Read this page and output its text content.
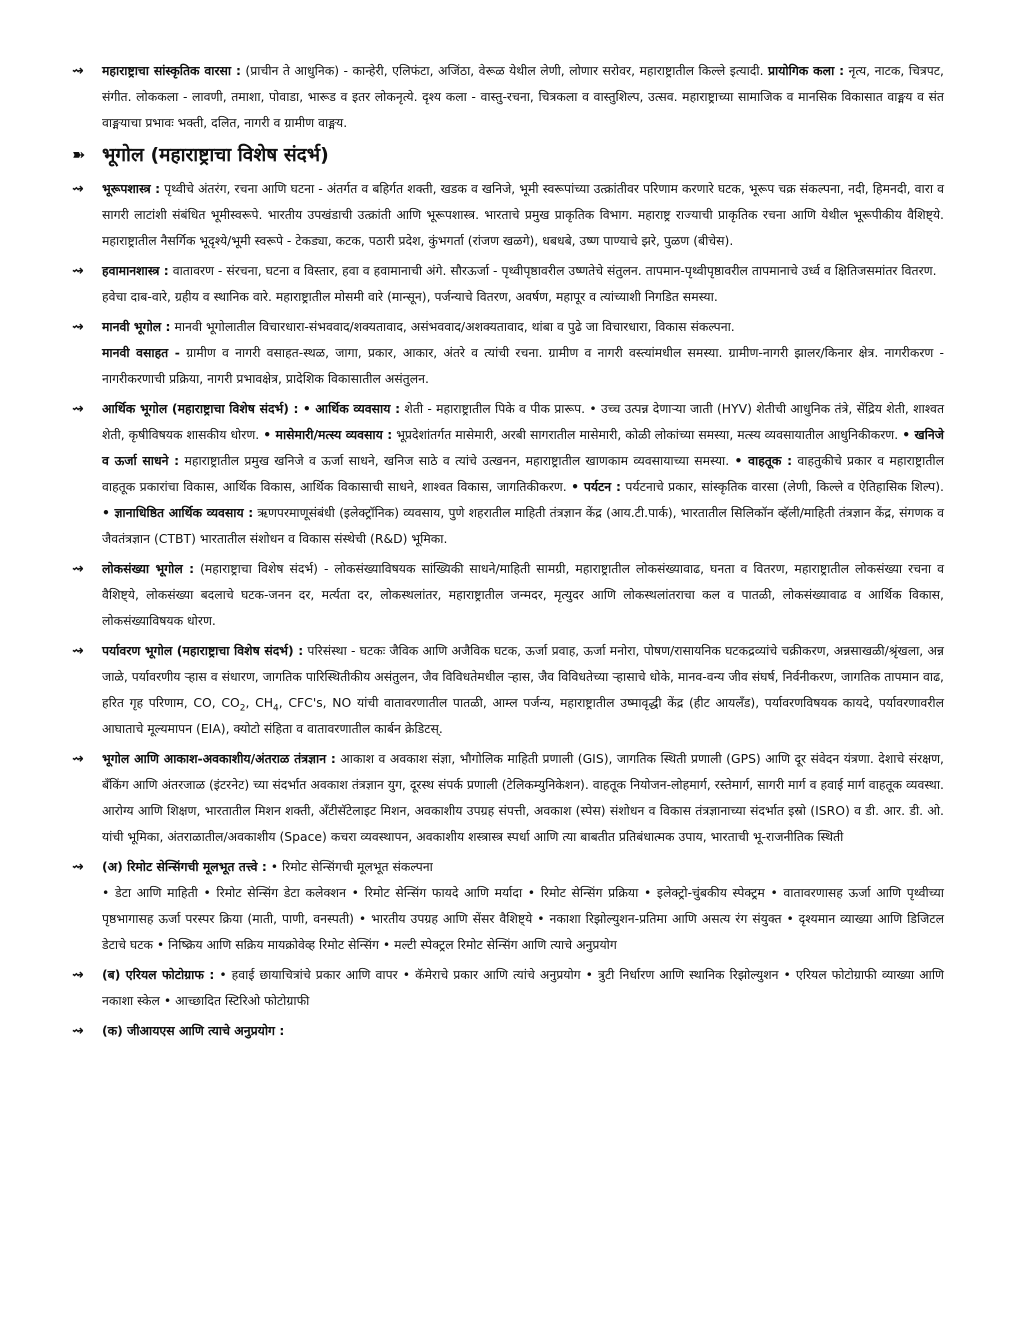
⇝ महाराष्ट्राचा सांस्कृतिक वारसा : (प्राचीन ते आधुनिक) - कान्हेरी, एलिफंटा, अजिंठा, वेरूळ येथील लेणी, लोणार सरोवर, महाराष्ट्रातील किल्ले इत्यादी. प्रायोगिक कला : नृत्य, नाटक, चित्रपट, संगीत. लोककला - लावणी, तमाशा, पोवाडा, भारूड व इतर लोकनृत्ये. दृश्य कला - वास्तु-रचना, चित्रकला व वास्तुशिल्प, उत्सव. महाराष्ट्राच्या सामाजिक व मानसिक विकासात वाङ्मय व संत वाङ्मयाचा प्रभावः भक्ती, दलित, नागरी व ग्रामीण वाङ्मय.
➽ भूगोल (महाराष्ट्राचा विशेष संदर्भ)
⇝ भूरूपशास्त्र : पृथ्वीचे अंतरंग, रचना आणि घटना - अंतर्गत व बहिर्गत शक्ती, खडक व खनिजे, भूमी स्वरूपांच्या उत्क्रांतीवर परिणाम करणारे घटक, भूरूप चक्र संकल्पना, नदी, हिमनदी, वारा व सागरी लाटांशी संबंधित भूमीस्वरूपे. भारतीय उपखंडाची उत्क्रांती आणि भूरूपशास्त्र. भारताचे प्रमुख प्राकृतिक विभाग. महाराष्ट्र राज्याची प्राकृतिक रचना आणि येथील भूरूपीकीय वैशिष्ट्ये. महाराष्ट्रातील नैसर्गिक भूदृश्ये/भूमी स्वरूपे - टेकड्या, कटक, पठारी प्रदेश, कुंभगर्ता (रांजण खळगे), धबधबे, उष्ण पाण्याचे झरे, पुळण (बीचेस).
⇝ हवामानशास्त्र : वातावरण - संरचना, घटना व विस्तार, हवा व हवामानाची अंगे. सौरऊर्जा - पृथ्वीपृष्ठावरील उष्णतेचे संतुलन. तापमान-पृथ्वीपृष्ठावरील तापमानाचे उर्ध्व व क्षितिजसमांतर वितरण.
हवेचा दाब-वारे, ग्रहीय व स्थानिक वारे. महाराष्ट्रातील मोसमी वारे (मान्सून), पर्जन्याचे वितरण, अवर्षण, महापूर व त्यांच्याशी निगडित समस्या.
⇝ मानवी भूगोल : मानवी भूगोलातील विचारधारा-संभववाद/शक्यतावाद, असंभववाद/अशक्यतावाद, थांबा व पुढे जा विचारधारा, विकास संकल्पना.
मानवी वसाहत - ग्रामीण व नागरी वसाहत-स्थळ, जागा, प्रकार, आकार, अंतरे व त्यांची रचना. ग्रामीण व नागरी वस्त्यांमधील समस्या. ग्रामीण-नागरी झालर/किनार क्षेत्र. नागरीकरण - नागरीकरणाची प्रक्रिया, नागरी प्रभावक्षेत्र, प्रादेशिक विकासातील असंतुलन.
⇝ आर्थिक भूगोल (महाराष्ट्राचा विशेष संदर्भ) : • आर्थिक व्यवसाय : शेती - महाराष्ट्रातील पिके व पीक प्रारूप. • उच्च उत्पन्न देणाऱ्या जाती (HYV) शेतीची आधुनिक तंत्रे, सेंद्रिय शेती, शाश्वत शेती, कृषीविषयक शासकीय धोरण. • मासेमारी/मत्स्य व्यवसाय : भूप्रदेशांतर्गत मासेमारी, अरबी सागरातील मासेमारी, कोळी लोकांच्या समस्या, मत्स्य व्यवसायातील आधुनिकीकरण. • खनिजे व ऊर्जा साधने : महाराष्ट्रातील प्रमुख खनिजे व ऊर्जा साधने, खनिज साठे व त्यांचे उत्खनन, महाराष्ट्रातील खाणकाम व्यवसायाच्या समस्या. • वाहतूक : वाहतुकीचे प्रकार व महाराष्ट्रातील वाहतूक प्रकारांचा विकास, आर्थिक विकास, आर्थिक विकासाची साधने, शाश्वत विकास, जागतिकीकरण. • पर्यटन : पर्यटनाचे प्रकार, सांस्कृतिक वारसा (लेणी, किल्ले व ऐतिहासिक शिल्प). • ज्ञानाधिष्ठित आर्थिक व्यवसाय : ऋणपरमाणूसंबंधी (इलेक्ट्रॉनिक) व्यवसाय, पुणे शहरातील माहिती तंत्रज्ञान केंद्र (आय.टी.पार्क), भारतातील सिलिकॉन व्हॅली/माहिती तंत्रज्ञान केंद्र, संगणक व जैवतंत्रज्ञान (CTBT) भारतातील संशोधन व विकास संस्थेची (R&D) भूमिका.
⇝ लोकसंख्या भूगोल : (महाराष्ट्राचा विशेष संदर्भ) - लोकसंख्याविषयक सांख्यिकी साधने/माहिती सामग्री, महाराष्ट्रातील लोकसंख्यावाढ, घनता व वितरण, महाराष्ट्रातील लोकसंख्या रचना व वैशिष्ट्ये, लोकसंख्या बदलाचे घटक-जनन दर, मर्त्यता दर, लोकस्थलांतर, महाराष्ट्रातील जन्मदर, मृत्युदर आणि लोकस्थलांतराचा कल व पातळी, लोकसंख्यावाढ व आर्थिक विकास, लोकसंख्याविषयक धोरण.
⇝ पर्यावरण भूगोल (महाराष्ट्राचा विशेष संदर्भ) : परिसंस्था - घटकः जैविक आणि अजैविक घटक, ऊर्जा प्रवाह, ऊर्जा मनोरा, पोषण/रासायनिक घटकद्रव्यांचे चक्रीकरण, अन्नसाखळी/श्रृंखला, अन्न जाळे, पर्यावरणीय ऱ्हास व संधारण, जागतिक पारिस्थितीकीय असंतुलन, जैव विविधतेमधील ऱ्हास, जैव विविधतेच्या ऱ्हासाचे धोके, मानव-वन्य जीव संघर्ष, निर्वनीकरण, जागतिक तापमान वाढ, हरित गृह परिणाम, CO, $CO_2$, $CH_4$, CFC's, NO यांची वातावरणातील पातळी, आम्ल पर्जन्य, महाराष्ट्रातील उष्मावृद्धी केंद्र (हीट आयलँड), पर्यावरणविषयक कायदे, पर्यावरणावरील आघाताचे मूल्यमापन (EIA), क्योटो संहिता व वातावरणातील कार्बन क्रेडिटस्.
⇝ भूगोल आणि आकाश-अवकाशीय/अंतराळ तंत्रज्ञान : आकाश व अवकाश संज्ञा, भौगोलिक माहिती प्रणाली (GIS), जागतिक स्थिती प्रणाली (GPS) आणि दूर संवेदन यंत्रणा. देशाचे संरक्षण, बँकिंग आणि अंतरजाळ (इंटरनेट) च्या संदर्भात अवकाश तंत्रज्ञान युग, दूरस्थ संपर्क प्रणाली (टेलिकम्युनिकेशन). वाहतूक नियोजन-लोहमार्ग, रस्तेमार्ग, सागरी मार्ग व हवाई मार्ग वाहतूक व्यवस्था. आरोग्य आणि शिक्षण, भारतातील मिशन शक्ती, अँटीसॅटेलाइट मिशन, अवकाशीय उपग्रह संपत्ती, अवकाश (स्पेस) संशोधन व विकास तंत्रज्ञानाच्या संदर्भात इस्रो (ISRO) व डी. आर. डी. ओ. यांची भूमिका, अंतराळातील/अवकाशीय (Space) कचरा व्यवस्थापन, अवकाशीय शस्त्रास्त्र स्पर्धा आणि त्या बाबतीत प्रतिबंधात्मक उपाय, भारताची भू-राजनीतिक स्थिती
⇝ (अ) रिमोट सेन्सिंगची मूलभूत तत्त्वे : • रिमोट सेन्सिंगची मूलभूत संकल्पना
• डेटा आणि माहिती • रिमोट सेन्सिंग डेटा कलेक्शन • रिमोट सेन्सिंग फायदे आणि मर्यादा • रिमोट सेन्सिंग प्रक्रिया • इलेक्ट्रो-चुंबकीय स्पेक्ट्रम • वातावरणासह ऊर्जा आणि पृथ्वीच्या पृष्ठभागासह ऊर्जा परस्पर क्रिया (माती, पाणी, वनस्पती) • भारतीय उपग्रह आणि सेंसर वैशिष्ट्ये • नकाशा रिझोल्युशन-प्रतिमा आणि असत्य रंग संयुक्त • दृश्यमान व्याख्या आणि डिजिटल डेटाचे घटक • निष्क्रिय आणि सक्रिय मायक्रोवेव्ह रिमोट सेन्सिंग • मल्टी स्पेक्ट्रल रिमोट सेन्सिंग आणि त्याचे अनुप्रयोग
⇝ (ब) एरियल फोटोग्राफ : • हवाई छायाचित्रांचे प्रकार आणि वापर • कॅमेराचे प्रकार आणि त्यांचे अनुप्रयोग • त्रुटी निर्धारण आणि स्थानिक रिझोल्युशन • एरियल फोटोग्राफी व्याख्या आणि नकाशा स्केल • आच्छादित स्टिरिओ फोटोग्राफी
⇝ (क) जीआयएस आणि त्याचे अनुप्रयोग :
